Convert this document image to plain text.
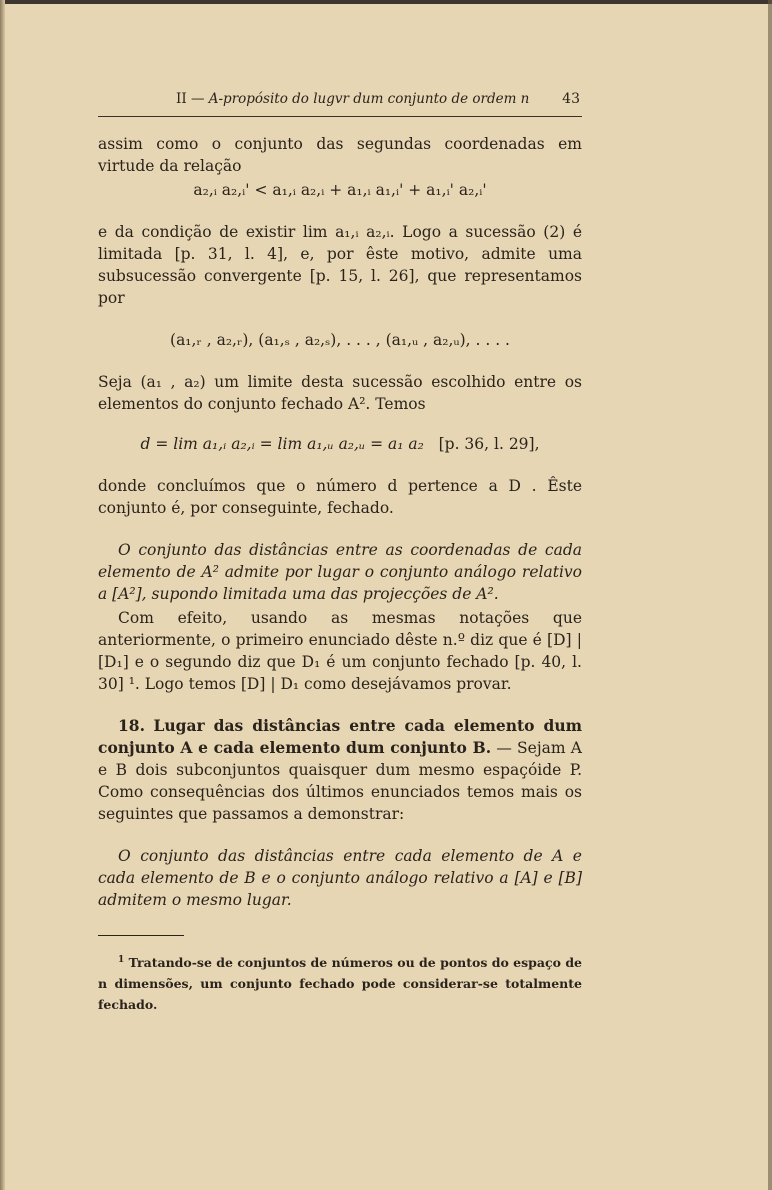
II — A-propósito do lugvr dum conjunto de ordem n 43

assim como o conjunto das segundas coordenadas em virtude da relação

a₂,ᵢ a₂,ᵢ' < a₁,ᵢ a₂,ᵢ + a₁,ᵢ a₁,ᵢ' + a₁,ᵢ' a₂,ᵢ'

e da condição de existir lim a₁,ᵢ a₂,ᵢ. Logo a sucessão (2) é limitada [p. 31, l. 4], e, por êste motivo, admite uma subsucessão convergente [p. 15, l. 26], que representamos por

(a₁,ᵣ , a₂,ᵣ), (a₁,ₛ , a₂,ₛ), . . . , (a₁,ᵤ , a₂,ᵤ), . . . .

Seja (a₁ , a₂) um limite desta sucessão escolhido entre os elementos do conjunto fechado A². Temos

d = lim a₁,ᵢ a₂,ᵢ = lim a₁,ᵤ a₂,ᵤ = a₁ a₂ [p. 36, l. 29],

donde concluímos que o número d pertence a D . Êste conjunto é, por conseguinte, fechado.

O conjunto das distâncias entre as coordenadas de cada elemento de A² admite por lugar o conjunto análogo relativo a [A²], supondo limitada uma das projecções de A².

Com efeito, usando as mesmas notações que anteriormente, o primeiro enunciado dêste n.º diz que é [D] | [D₁] e o segundo diz que D₁ é um conjunto fechado [p. 40, l. 30] ¹. Logo temos [D] | D₁ como desejávamos provar.

18. Lugar das distâncias entre cada elemento dum conjunto A e cada elemento dum conjunto B. — Sejam A e B dois subconjuntos quaisquer dum mesmo espaçóide P. Como consequências dos últimos enunciados temos mais os seguintes que passamos a demonstrar:

O conjunto das distâncias entre cada elemento de A e cada elemento de B e o conjunto análogo relativo a [A] e [B] admitem o mesmo lugar.

$^1$ Tratando-se de conjuntos de números ou de pontos do espaço de n dimensões, um conjunto fechado pode considerar-se totalmente fechado.
